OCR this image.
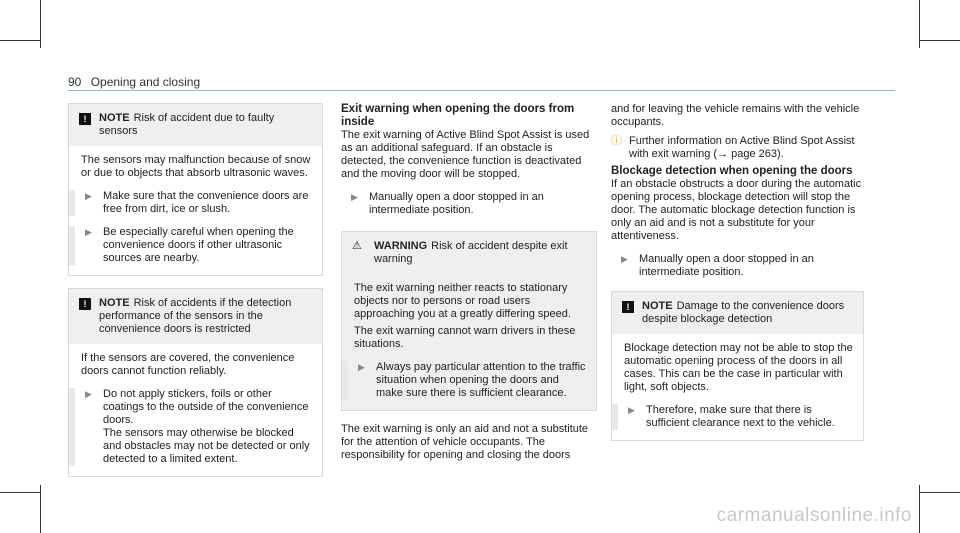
90 Opening and closing
!	NOTE Risk of accident due to faulty sensors

The sensors may malfunction because of snow or due to objects that absorb ultrasonic waves.

▶ Make sure that the convenience doors are free from dirt, ice or slush.

▶ Be especially careful when opening the convenience doors if other ultrasonic sources are nearby.

!	NOTE Risk of accidents if the detection performance of the sensors in the convenience doors is restricted

If the sensors are covered, the convenience doors cannot function reliably.

▶ Do not apply stickers, foils or other coatings to the outside of the convenience doors.
The sensors may otherwise be blocked and obstacles may not be detected or only detected to a limited extent.

Exit warning when opening the doors from inside

The exit warning of Active Blind Spot Assist is used as an additional safeguard. If an obstacle is detected, the convenience function is deactivated and the moving door will be stopped.

▶ Manually open a door stopped in an intermediate position.

⚠	WARNING Risk of accident despite exit warning

The exit warning neither reacts to stationary objects nor to persons or road users approaching you at a greatly differing speed.

The exit warning cannot warn drivers in these situations.

▶ Always pay particular attention to the traffic situation when opening the doors and make sure there is sufficient clearance.

The exit warning is only an aid and not a substitute for the attention of vehicle occupants. The responsibility for opening and closing the doors

and for leaving the vehicle remains with the vehicle occupants.

ⓘ Further information on Active Blind Spot Assist with exit warning (→ page 263).

Blockage detection when opening the doors

If an obstacle obstructs a door during the automatic opening process, blockage detection will stop the door. The automatic blockage detection function is only an aid and is not a substitute for your attentiveness.

▶ Manually open a door stopped in an intermediate position.

!	NOTE Damage to the convenience doors despite blockage detection

Blockage detection may not be able to stop the automatic opening process of the doors in all cases. This can be the case in particular with light, soft objects.

▶ Therefore, make sure that there is sufficient clearance next to the vehicle.

carmanualsonline.info
